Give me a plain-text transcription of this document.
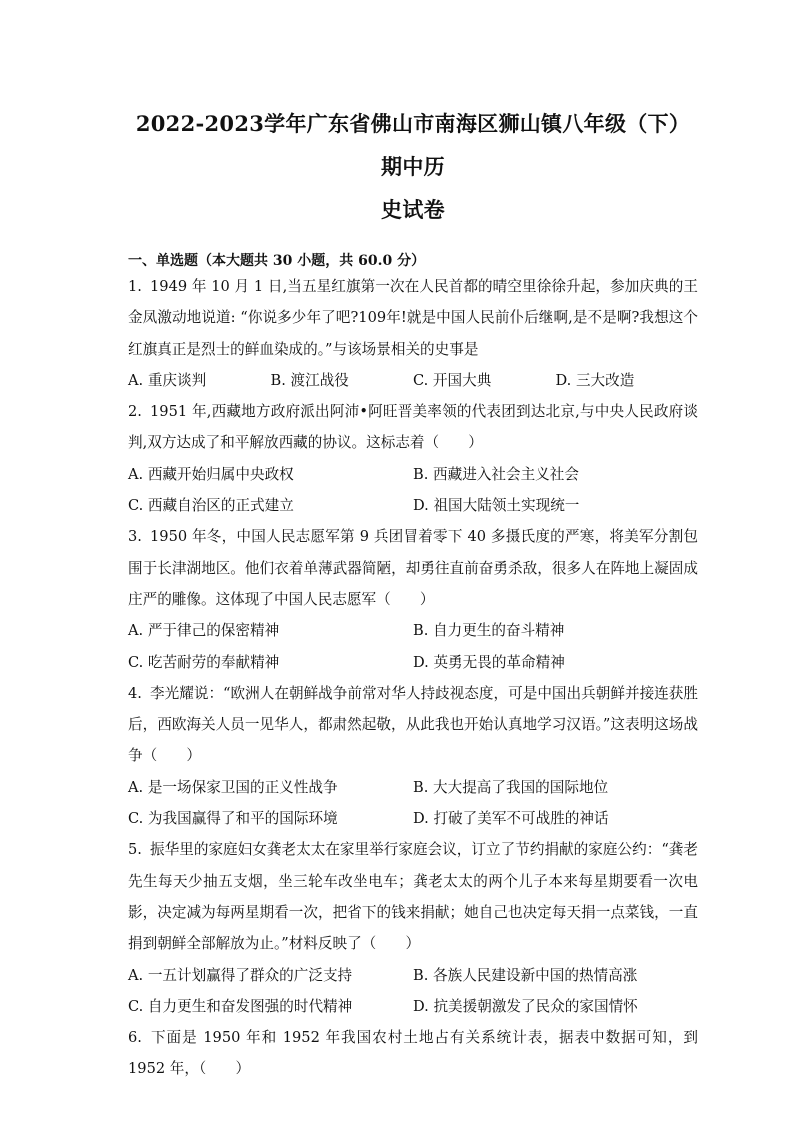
2022-2023学年广东省佛山市南海区狮山镇八年级（下）期中历
史试卷
一、单选题（本大题共 30 小题，共 60.0 分）
1. 1949 年 10 月 1 日,当五星红旗第一次在人民首都的晴空里徐徐升起，参加庆典的王金凤激动地说道: “你说多少年了吧?109年!就是中国人民前仆后继啊,是不是啊?我想这个红旗真正是烈士的鲜血染成的。”与该场景相关的史事是
A. 重庆谈判	B. 渡江战役	C. 开国大典	D. 三大改造
2. 1951 年,西藏地方政府派出阿沛•阿旺晋美率领的代表团到达北京,与中央人民政府谈判,双方达成了和平解放西藏的协议。这标志着（　　）
A. 西藏开始归属中央政权	B. 西藏进入社会主义社会
C. 西藏自治区的正式建立	D. 祖国大陆领土实现统一
3. 1950 年冬，中国人民志愿军第 9 兵团冒着零下 40 多摄氏度的严寒，将美军分割包围于长津湖地区。他们衣着单薄武器简陋，却勇往直前奋勇杀敌，很多人在阵地上凝固成庄严的雕像。这体现了中国人民志愿军（　　）
A. 严于律己的保密精神	B. 自力更生的奋斗精神
C. 吃苦耐劳的奉献精神	D. 英勇无畏的革命精神
4. 李光耀说：“欧洲人在朝鲜战争前常对华人持歧视态度，可是中国出兵朝鲜并接连获胜后，西欧海关人员一见华人，都肃然起敬，从此我也开始认真地学习汉语。”这表明这场战争（　　）
A. 是一场保家卫国的正义性战争	B. 大大提高了我国的国际地位
C. 为我国赢得了和平的国际环境	D. 打破了美军不可战胜的神话
5. 振华里的家庭妇女龚老太太在家里举行家庭会议，订立了节约捐献的家庭公约：“龚老先生每天少抽五支烟，坐三轮车改坐电车；龚老太太的两个儿子本来每星期要看一次电影，决定减为每两星期看一次，把省下的钱来捐献；她自己也决定每天捐一点菜钱，一直捐到朝鲜全部解放为止。”材料反映了（　　）
A. 一五计划赢得了群众的广泛支持	B. 各族人民建设新中国的热情高涨
C. 自力更生和奋发图强的时代精神	D. 抗美援朝激发了民众的家国情怀
6. 下面是 1950 年和 1952 年我国农村土地占有关系统计表，据表中数据可知，到 1952 年，（　　）
